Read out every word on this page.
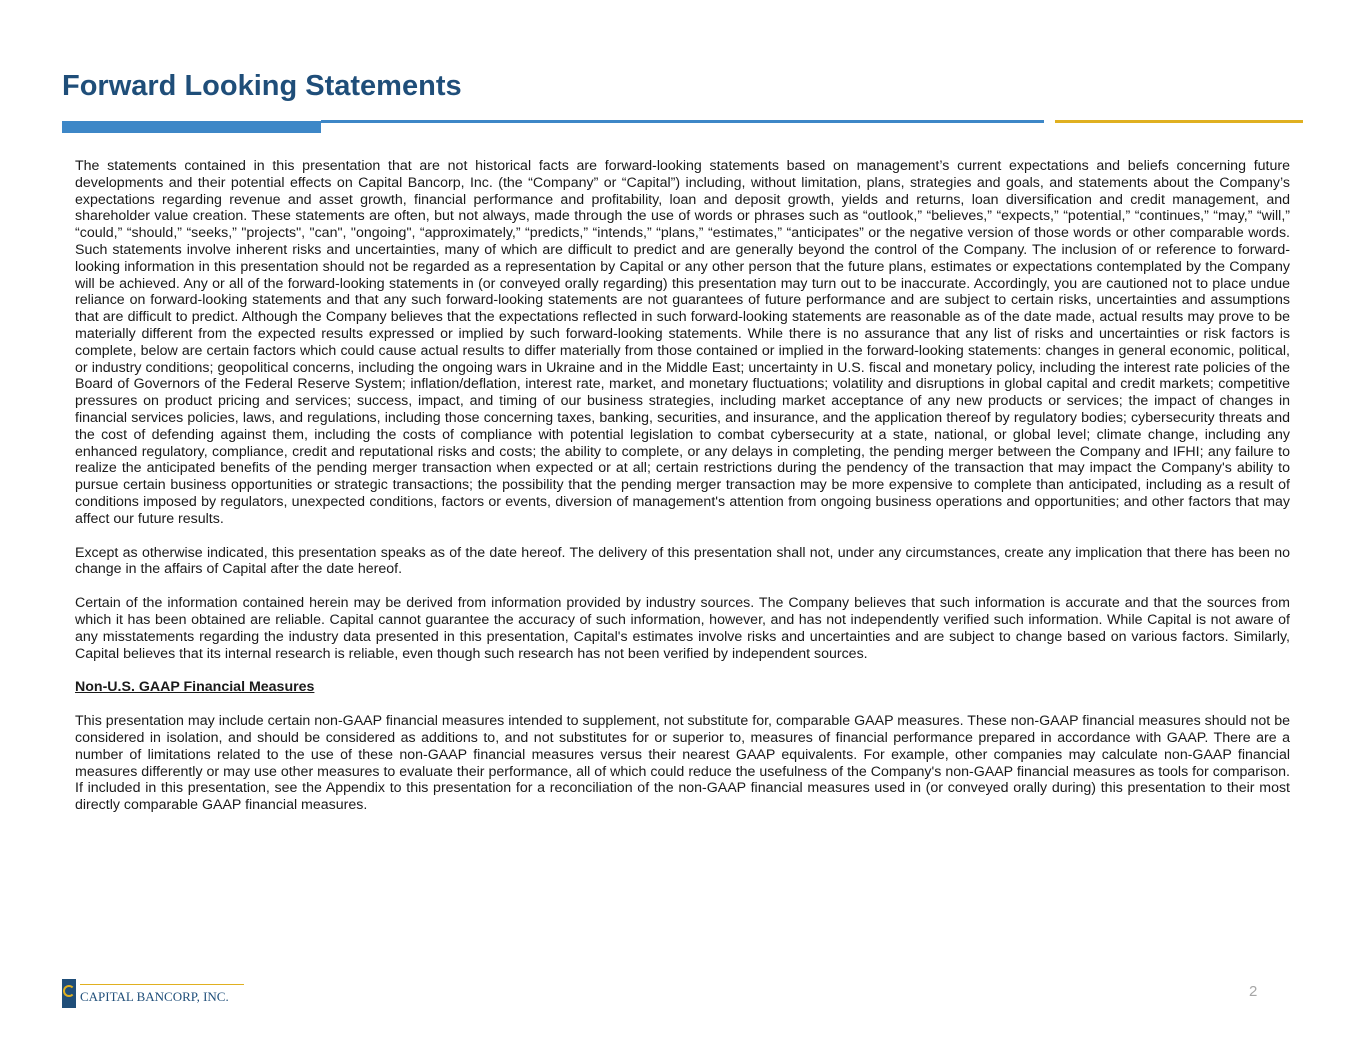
Forward Looking Statements

The statements contained in this presentation that are not historical facts are forward-looking statements based on management’s current expectations and beliefs concerning future developments and their potential effects on Capital Bancorp, Inc. (the “Company” or “Capital”) including, without limitation, plans, strategies and goals, and statements about the Company’s expectations regarding revenue and asset growth, financial performance and profitability, loan and deposit growth, yields and returns, loan diversification and credit management, and shareholder value creation. These statements are often, but not always, made through the use of words or phrases such as “outlook,” “believes,” “expects,” “potential,” “continues,” “may,” “will,” “could,” “should,” “seeks,” "projects", "can", "ongoing", “approximately,” “predicts,” “intends,” “plans,” “estimates,” “anticipates” or the negative version of those words or other comparable words. Such statements involve inherent risks and uncertainties, many of which are difficult to predict and are generally beyond the control of the Company. The inclusion of or reference to forward-looking information in this presentation should not be regarded as a representation by Capital or any other person that the future plans, estimates or expectations contemplated by the Company will be achieved. Any or all of the forward-looking statements in (or conveyed orally regarding) this presentation may turn out to be inaccurate. Accordingly, you are cautioned not to place undue reliance on forward-looking statements and that any such forward-looking statements are not guarantees of future performance and are subject to certain risks, uncertainties and assumptions that are difficult to predict. Although the Company believes that the expectations reflected in such forward-looking statements are reasonable as of the date made, actual results may prove to be materially different from the expected results expressed or implied by such forward-looking statements. While there is no assurance that any list of risks and uncertainties or risk factors is complete, below are certain factors which could cause actual results to differ materially from those contained or implied in the forward-looking statements: changes in general economic, political, or industry conditions; geopolitical concerns, including the ongoing wars in Ukraine and in the Middle East; uncertainty in U.S. fiscal and monetary policy, including the interest rate policies of the Board of Governors of the Federal Reserve System; inflation/deflation, interest rate, market, and monetary fluctuations; volatility and disruptions in global capital and credit markets; competitive pressures on product pricing and services; success, impact, and timing of our business strategies, including market acceptance of any new products or services; the impact of changes in financial services policies, laws, and regulations, including those concerning taxes, banking, securities, and insurance, and the application thereof by regulatory bodies; cybersecurity threats and the cost of defending against them, including the costs of compliance with potential legislation to combat cybersecurity at a state, national, or global level; climate change, including any enhanced regulatory, compliance, credit and reputational risks and costs; the ability to complete, or any delays in completing, the pending merger between the Company and IFHI; any failure to realize the anticipated benefits of the pending merger transaction when expected or at all; certain restrictions during the pendency of the transaction that may impact the Company's ability to pursue certain business opportunities or strategic transactions; the possibility that the pending merger transaction may be more expensive to complete than anticipated, including as a result of conditions imposed by regulators, unexpected conditions, factors or events, diversion of management's attention from ongoing business operations and opportunities; and other factors that may affect our future results.

Except as otherwise indicated, this presentation speaks as of the date hereof. The delivery of this presentation shall not, under any circumstances, create any implication that there has been no change in the affairs of Capital after the date hereof.

Certain of the information contained herein may be derived from information provided by industry sources. The Company believes that such information is accurate and that the sources from which it has been obtained are reliable. Capital cannot guarantee the accuracy of such information, however, and has not independently verified such information. While Capital is not aware of any misstatements regarding the industry data presented in this presentation, Capital's estimates involve risks and uncertainties and are subject to change based on various factors. Similarly, Capital believes that its internal research is reliable, even though such research has not been verified by independent sources.

Non-U.S. GAAP Financial Measures

This presentation may include certain non-GAAP financial measures intended to supplement, not substitute for, comparable GAAP measures. These non-GAAP financial measures should not be considered in isolation, and should be considered as additions to, and not substitutes for or superior to, measures of financial performance prepared in accordance with GAAP. There are a number of limitations related to the use of these non-GAAP financial measures versus their nearest GAAP equivalents. For example, other companies may calculate non-GAAP financial measures differently or may use other measures to evaluate their performance, all of which could reduce the usefulness of the Company's non-GAAP financial measures as tools for comparison. If included in this presentation, see the Appendix to this presentation for a reconciliation of the non-GAAP financial measures used in (or conveyed orally during) this presentation to their most directly comparable GAAP financial measures.

CAPITAL BANCORP, INC.	2
